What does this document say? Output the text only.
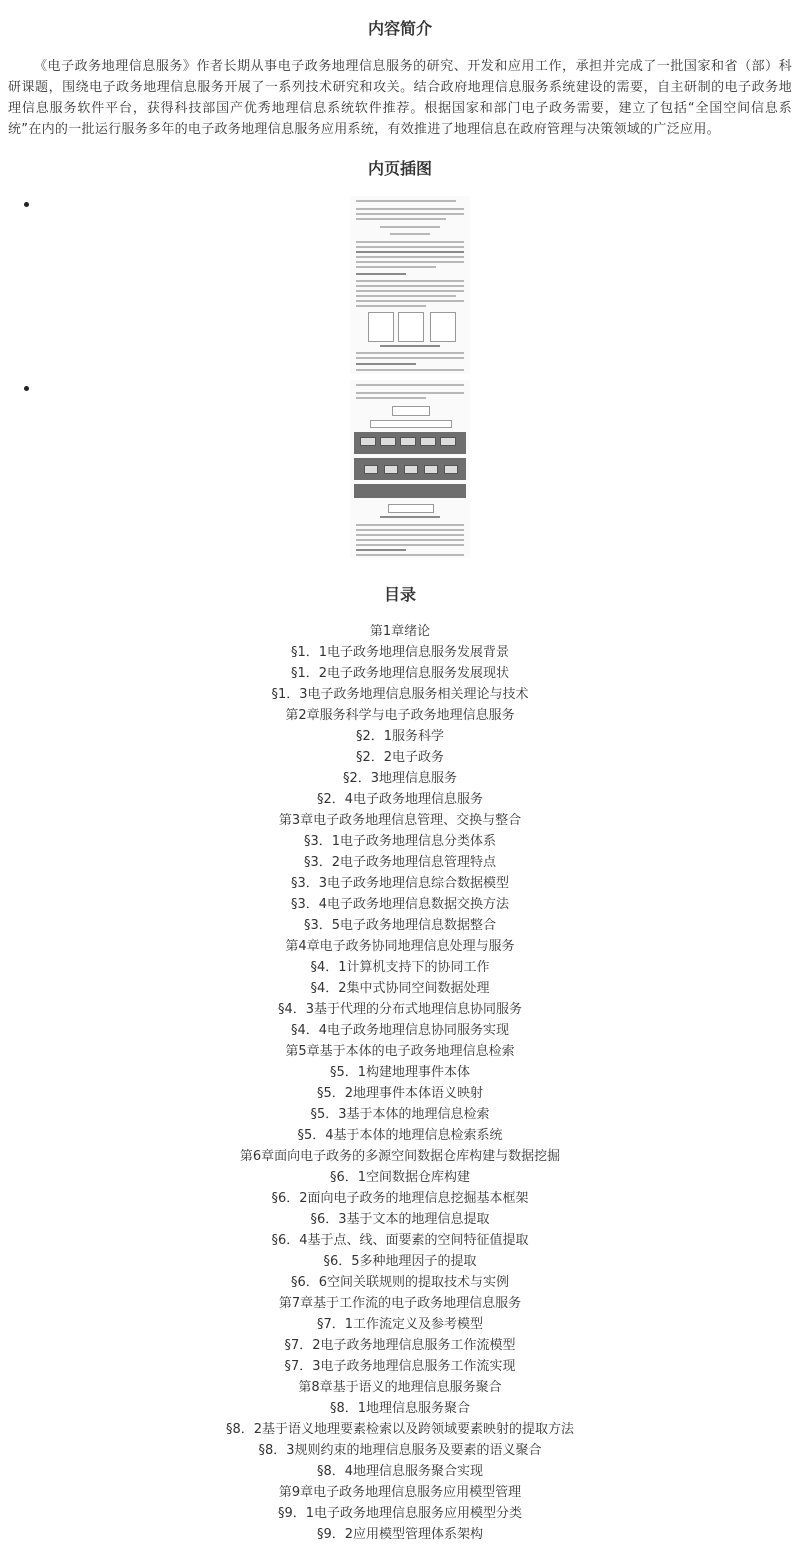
内容简介

《电子政务地理信息服务》作者长期从事电子政务地理信息服务的研究、开发和应用工作，承担并完成了一批国家和省（部）科研课题，围绕电子政务地理信息服务开展了一系列技术研究和攻关。结合政府地理信息服务系统建设的需要，自主研制的电子政务地理信息服务软件平台，获得科技部国产优秀地理信息系统软件推荐。根据国家和部门电子政务需要，建立了包括“全国空间信息系统”在内的一批运行服务多年的电子政务地理信息服务应用系统，有效推进了地理信息在政府管理与决策领域的广泛应用。

内页插图
目录
第1章绪论
§1．1电子政务地理信息服务发展背景
§1．2电子政务地理信息服务发展现状
§1．3电子政务地理信息服务相关理论与技术
第2章服务科学与电子政务地理信息服务
§2．1服务科学
§2．2电子政务
§2．3地理信息服务
§2．4电子政务地理信息服务
第3章电子政务地理信息管理、交换与整合
§3．1电子政务地理信息分类体系
§3．2电子政务地理信息管理特点
§3．3电子政务地理信息综合数据模型
§3．4电子政务地理信息数据交换方法
§3．5电子政务地理信息数据整合
第4章电子政务协同地理信息处理与服务
§4．1计算机支持下的协同工作
§4．2集中式协同空间数据处理
§4．3基于代理的分布式地理信息协同服务
§4．4电子政务地理信息协同服务实现
第5章基于本体的电子政务地理信息检索
§5．1构建地理事件本体
§5．2地理事件本体语义映射
§5．3基于本体的地理信息检索
§5．4基于本体的地理信息检索系统
第6章面向电子政务的多源空间数据仓库构建与数据挖掘
§6．1空间数据仓库构建
§6．2面向电子政务的地理信息挖掘基本框架
§6．3基于文本的地理信息提取
§6．4基于点、线、面要素的空间特征值提取
§6．5多种地理因子的提取
§6．6空间关联规则的提取技术与实例
第7章基于工作流的电子政务地理信息服务
§7．1工作流定义及参考模型
§7．2电子政务地理信息服务工作流模型
§7．3电子政务地理信息服务工作流实现
第8章基于语义的地理信息服务聚合
§8．1地理信息服务聚合
§8．2基于语义地理要素检索以及跨领域要素映射的提取方法
§8．3规则约束的地理信息服务及要素的语义聚合
§8．4地理信息服务聚合实现
第9章电子政务地理信息服务应用模型管理
§9．1电子政务地理信息服务应用模型分类
§9．2应用模型管理体系架构
